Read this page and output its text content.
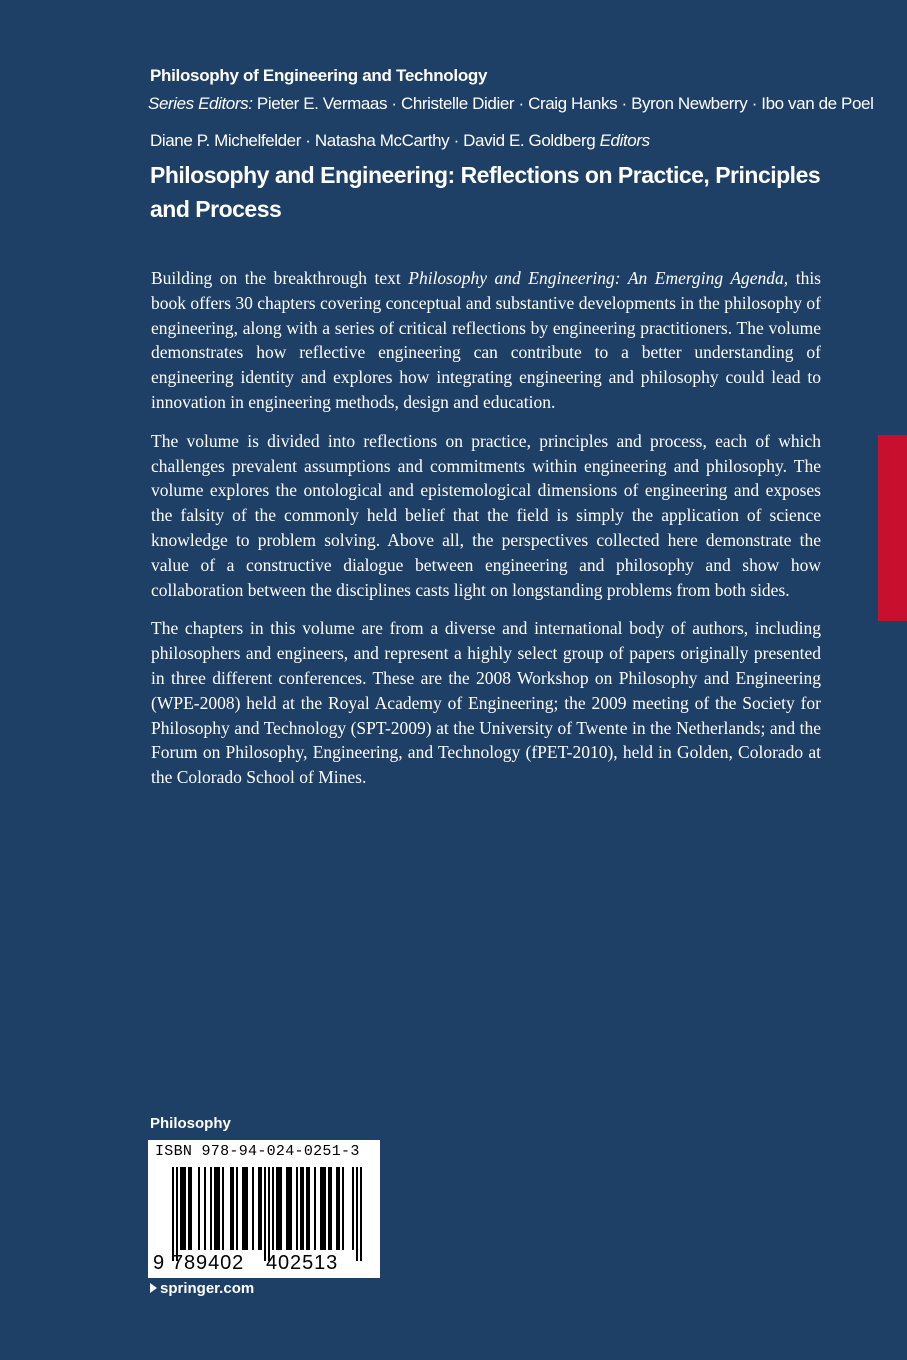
Philosophy of Engineering and Technology
Series Editors: Pieter E. Vermaas · Christelle Didier · Craig Hanks · Byron Newberry · Ibo van de Poel
Diane P. Michelfelder · Natasha McCarthy · David E. Goldberg Editors
Philosophy and Engineering: Reflections on Practice, Principles and Process

Building on the breakthrough text Philosophy and Engineering: An Emerging Agenda, this book offers 30 chapters covering conceptual and substantive developments in the philosophy of engineering, along with a series of critical reflections by engineering practitioners. The volume demonstrates how reflective engineering can contribute to a better understanding of engineering identity and explores how integrating engineering and philosophy could lead to innovation in engineering methods, design and education.

The volume is divided into reflections on practice, principles and process, each of which challenges prevalent assumptions and commitments within engineering and philosophy. The volume explores the ontological and epistemological dimensions of engineering and exposes the falsity of the commonly held belief that the field is simply the application of science knowledge to problem solving. Above all, the perspectives collected here demonstrate the value of a constructive dialogue between engineering and philosophy and show how collaboration between the disciplines casts light on longstanding problems from both sides.

The chapters in this volume are from a diverse and international body of authors, including philosophers and engineers, and represent a highly select group of papers originally presented in three different conferences. These are the 2008 Workshop on Philosophy and Engineering (WPE-2008) held at the Royal Academy of Engineering; the 2009 meeting of the Society for Philosophy and Technology (SPT-2009) at the University of Twente in the Netherlands; and the Forum on Philosophy, Engineering, and Technology (fPET-2010), held in Golden, Colorado at the Colorado School of Mines.

Philosophy
ISBN 978-94-024-0251-3
9 789402	402513
springer.com
